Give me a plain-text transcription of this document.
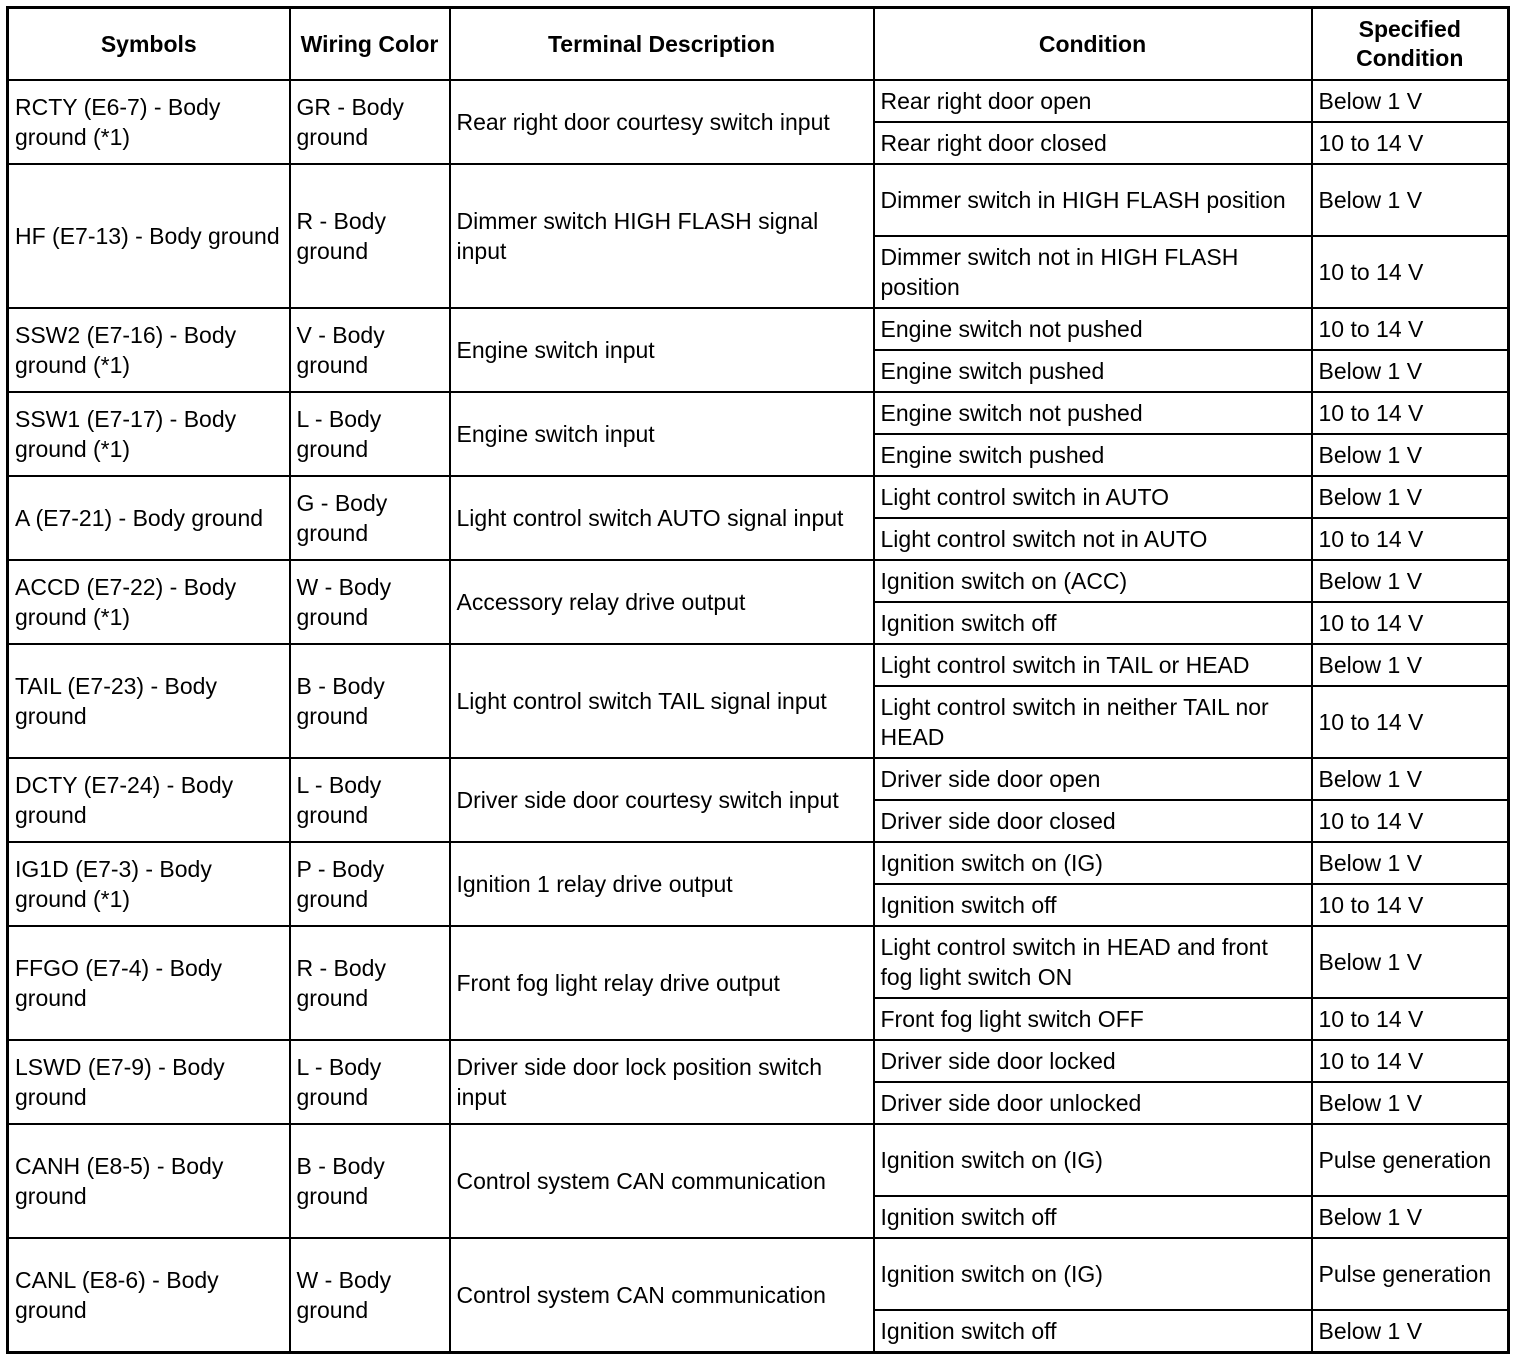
Symbols	Wiring Color	Terminal Description	Condition	Specified Condition
RCTY (E6-7) - Body ground (*1)	GR - Body ground	Rear right door courtesy switch input	Rear right door open	Below 1 V
			Rear right door closed	10 to 14 V
HF (E7-13) - Body ground	R - Body ground	Dimmer switch HIGH FLASH signal input	Dimmer switch in HIGH FLASH position	Below 1 V
			Dimmer switch not in HIGH FLASH position	10 to 14 V
SSW2 (E7-16) - Body ground (*1)	V - Body ground	Engine switch input	Engine switch not pushed	10 to 14 V
			Engine switch pushed	Below 1 V
SSW1 (E7-17) - Body ground (*1)	L - Body ground	Engine switch input	Engine switch not pushed	10 to 14 V
			Engine switch pushed	Below 1 V
A (E7-21) - Body ground	G - Body ground	Light control switch AUTO signal input	Light control switch in AUTO	Below 1 V
			Light control switch not in AUTO	10 to 14 V
ACCD (E7-22) - Body ground (*1)	W - Body ground	Accessory relay drive output	Ignition switch on (ACC)	Below 1 V
			Ignition switch off	10 to 14 V
TAIL (E7-23) - Body ground	B - Body ground	Light control switch TAIL signal input	Light control switch in TAIL or HEAD	Below 1 V
			Light control switch in neither TAIL nor HEAD	10 to 14 V
DCTY (E7-24) - Body ground	L - Body ground	Driver side door courtesy switch input	Driver side door open	Below 1 V
			Driver side door closed	10 to 14 V
IG1D (E7-3) - Body ground (*1)	P - Body ground	Ignition 1 relay drive output	Ignition switch on (IG)	Below 1 V
			Ignition switch off	10 to 14 V
FFGO (E7-4) - Body ground	R - Body ground	Front fog light relay drive output	Light control switch in HEAD and front fog light switch ON	Below 1 V
			Front fog light switch OFF	10 to 14 V
LSWD (E7-9) - Body ground	L - Body ground	Driver side door lock position switch input	Driver side door locked	10 to 14 V
			Driver side door unlocked	Below 1 V
CANH (E8-5) - Body ground	B - Body ground	Control system CAN communication	Ignition switch on (IG)	Pulse generation
			Ignition switch off	Below 1 V
CANL (E8-6) - Body ground	W - Body ground	Control system CAN communication	Ignition switch on (IG)	Pulse generation
			Ignition switch off	Below 1 V
